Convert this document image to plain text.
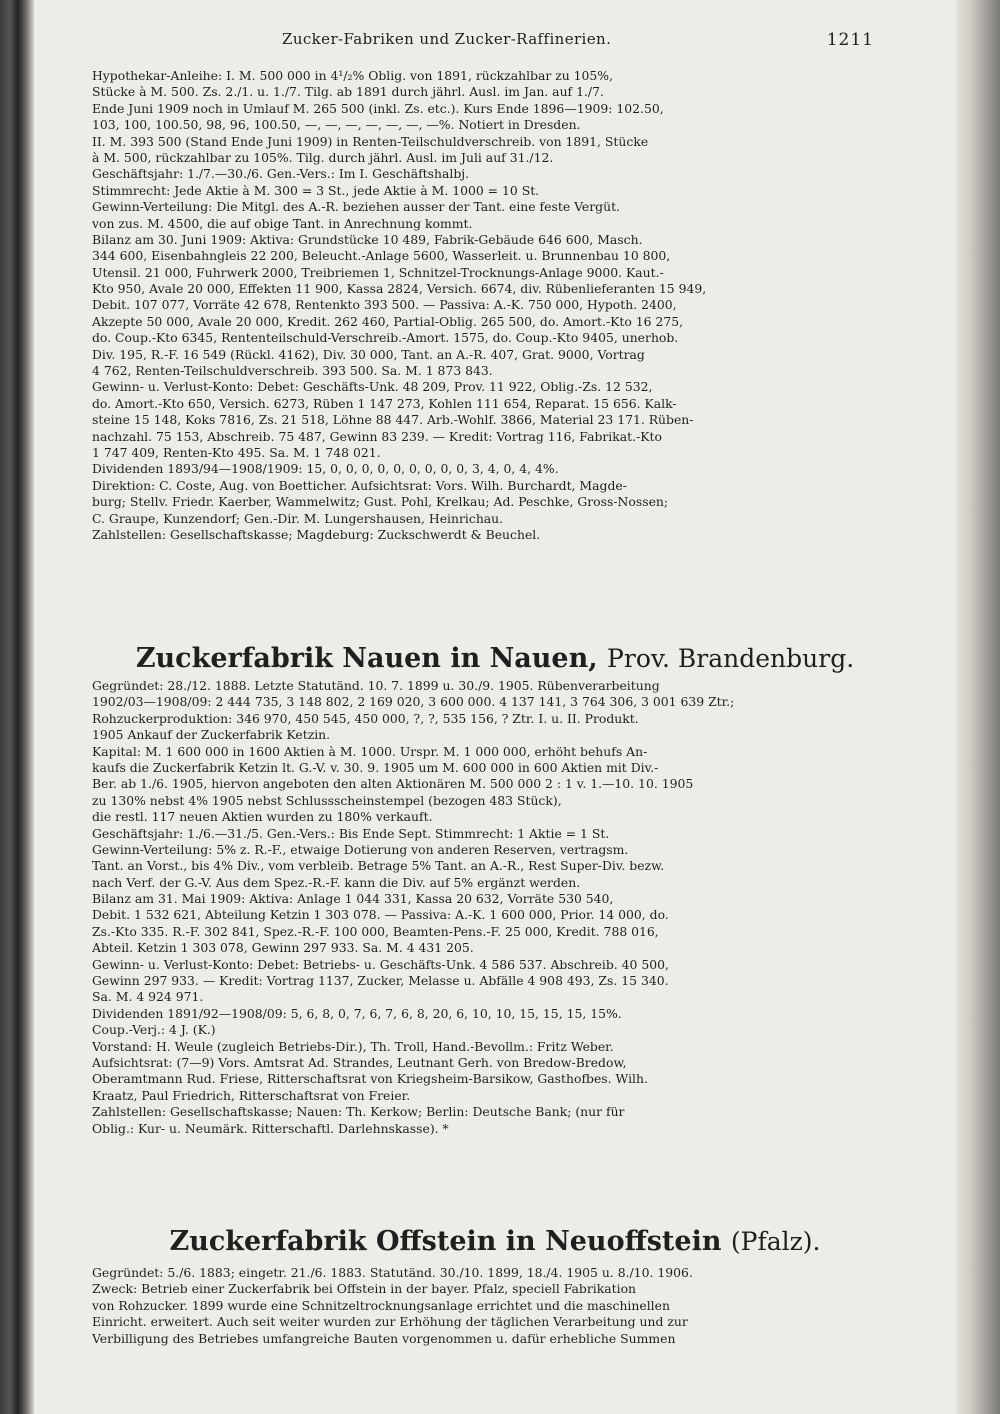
Zucker-Fabriken und Zucker-Raffinerien.	1211

Hypothekar-Anleihe: I. M. 500 000 in 4¹/₂% Oblig. von 1891, rückzahlbar zu 105%,

Stücke à M. 500. Zs. 2./1. u. 1./7. Tilg. ab 1891 durch jährl. Ausl. im Jan. auf 1./7.

Ende Juni 1909 noch in Umlauf M. 265 500 (inkl. Zs. etc.). Kurs Ende 1896—1909: 102.50,

103, 100, 100.50, 98, 96, 100.50, —, —, —, —, —, —, —%. Notiert in Dresden.

II. M. 393 500 (Stand Ende Juni 1909) in Renten-Teilschuldverschreib. von 1891, Stücke

à M. 500, rückzahlbar zu 105%. Tilg. durch jährl. Ausl. im Juli auf 31./12.

Geschäftsjahr: 1./7.—30./6. Gen.-Vers.: Im I. Geschäftshalbj.

Stimmrecht: Jede Aktie à M. 300 = 3 St., jede Aktie à M. 1000 = 10 St.

Gewinn-Verteilung: Die Mitgl. des A.-R. beziehen ausser der Tant. eine feste Vergüt.

von zus. M. 4500, die auf obige Tant. in Anrechnung kommt.

Bilanz am 30. Juni 1909: Aktiva: Grundstücke 10 489, Fabrik-Gebäude 646 600, Masch.

344 600, Eisenbahngleis 22 200, Beleucht.-Anlage 5600, Wasserleit. u. Brunnenbau 10 800,

Utensil. 21 000, Fuhrwerk 2000, Treibriemen 1, Schnitzel-Trocknungs-Anlage 9000. Kaut.-

Kto 950, Avale 20 000, Effekten 11 900, Kassa 2824, Versich. 6674, div. Rübenlieferanten 15 949,

Debit. 107 077, Vorräte 42 678, Rentenkto 393 500. — Passiva: A.-K. 750 000, Hypoth. 2400,

Akzepte 50 000, Avale 20 000, Kredit. 262 460, Partial-Oblig. 265 500, do. Amort.-Kto 16 275,

do. Coup.-Kto 6345, Rententeilschuld-Verschreib.-Amort. 1575, do. Coup.-Kto 9405, unerhob.

Div. 195, R.-F. 16 549 (Rückl. 4162), Div. 30 000, Tant. an A.-R. 407, Grat. 9000, Vortrag

4 762, Renten-Teilschuldverschreib. 393 500. Sa. M. 1 873 843.

Gewinn- u. Verlust-Konto: Debet: Geschäfts-Unk. 48 209, Prov. 11 922, Oblig.-Zs. 12 532,

do. Amort.-Kto 650, Versich. 6273, Rüben 1 147 273, Kohlen 111 654, Reparat. 15 656. Kalk-

steine 15 148, Koks 7816, Zs. 21 518, Löhne 88 447. Arb.-Wohlf. 3866, Material 23 171. Rüben-

nachzahl. 75 153, Abschreib. 75 487, Gewinn 83 239. — Kredit: Vortrag 116, Fabrikat.-Kto

1 747 409, Renten-Kto 495. Sa. M. 1 748 021.

Dividenden 1893/94—1908/1909: 15, 0, 0, 0, 0, 0, 0, 0, 0, 0, 3, 4, 0, 4, 4%.

Direktion: C. Coste, Aug. von Boetticher. Aufsichtsrat: Vors. Wilh. Burchardt, Magde-

burg; Stellv. Friedr. Kaerber, Wammelwitz; Gust. Pohl, Krelkau; Ad. Peschke, Gross-Nossen;

C. Graupe, Kunzendorf; Gen.-Dir. M. Lungershausen, Heinrichau.

Zahlstellen: Gesellschaftskasse; Magdeburg: Zuckschwerdt & Beuchel.

Zuckerfabrik Nauen in Nauen, Prov. Brandenburg.

Gegründet: 28./12. 1888. Letzte Statutänd. 10. 7. 1899 u. 30./9. 1905. Rübenverarbeitung

1902/03—1908/09: 2 444 735, 3 148 802, 2 169 020, 3 600 000. 4 137 141, 3 764 306, 3 001 639 Ztr.;

Rohzuckerproduktion: 346 970, 450 545, 450 000, ?, ?, 535 156, ? Ztr. I. u. II. Produkt.

1905 Ankauf der Zuckerfabrik Ketzin.

Kapital: M. 1 600 000 in 1600 Aktien à M. 1000. Urspr. M. 1 000 000, erhöht behufs An-

kaufs die Zuckerfabrik Ketzin lt. G.-V. v. 30. 9. 1905 um M. 600 000 in 600 Aktien mit Div.-

Ber. ab 1./6. 1905, hiervon angeboten den alten Aktionären M. 500 000 2 : 1 v. 1.—10. 10. 1905

zu 130% nebst 4% 1905 nebst Schlussscheinstempel (bezogen 483 Stück),

die restl. 117 neuen Aktien wurden zu 180% verkauft.

Geschäftsjahr: 1./6.—31./5. Gen.-Vers.: Bis Ende Sept. Stimmrecht: 1 Aktie = 1 St.

Gewinn-Verteilung: 5% z. R.-F., etwaige Dotierung von anderen Reserven, vertragsm.

Tant. an Vorst., bis 4% Div., vom verbleib. Betrage 5% Tant. an A.-R., Rest Super-Div. bezw.

nach Verf. der G.-V. Aus dem Spez.-R.-F. kann die Div. auf 5% ergänzt werden.

Bilanz am 31. Mai 1909: Aktiva: Anlage 1 044 331, Kassa 20 632, Vorräte 530 540,

Debit. 1 532 621, Abteilung Ketzin 1 303 078. — Passiva: A.-K. 1 600 000, Prior. 14 000, do.

Zs.-Kto 335. R.-F. 302 841, Spez.-R.-F. 100 000, Beamten-Pens.-F. 25 000, Kredit. 788 016,

Abteil. Ketzin 1 303 078, Gewinn 297 933. Sa. M. 4 431 205.

Gewinn- u. Verlust-Konto: Debet: Betriebs- u. Geschäfts-Unk. 4 586 537. Abschreib. 40 500,

Gewinn 297 933. — Kredit: Vortrag 1137, Zucker, Melasse u. Abfälle 4 908 493, Zs. 15 340.

Sa. M. 4 924 971.

Dividenden 1891/92—1908/09: 5, 6, 8, 0, 7, 6, 7, 6, 8, 20, 6, 10, 10, 15, 15, 15, 15%.

Coup.-Verj.: 4 J. (K.)

Vorstand: H. Weule (zugleich Betriebs-Dir.), Th. Troll, Hand.-Bevollm.: Fritz Weber.

Aufsichtsrat: (7—9) Vors. Amtsrat Ad. Strandes, Leutnant Gerh. von Bredow-Bredow,

Oberamtmann Rud. Friese, Ritterschaftsrat von Kriegsheim-Barsikow, Gasthofbes. Wilh.

Kraatz, Paul Friedrich, Ritterschaftsrat von Freier.

Zahlstellen: Gesellschaftskasse; Nauen: Th. Kerkow; Berlin: Deutsche Bank; (nur für

Oblig.: Kur- u. Neumärk. Ritterschaftl. Darlehnskasse). *

Zuckerfabrik Offstein in Neuoffstein (Pfalz).

Gegründet: 5./6. 1883; eingetr. 21./6. 1883. Statutänd. 30./10. 1899, 18./4. 1905 u. 8./10. 1906.

Zweck: Betrieb einer Zuckerfabrik bei Offstein in der bayer. Pfalz, speciell Fabrikation

von Rohzucker. 1899 wurde eine Schnitzeltrocknungsanlage errichtet und die maschinellen

Einricht. erweitert. Auch seit weiter wurden zur Erhöhung der täglichen Verarbeitung und zur

Verbilligung des Betriebes umfangreiche Bauten vorgenommen u. dafür erhebliche Summen
